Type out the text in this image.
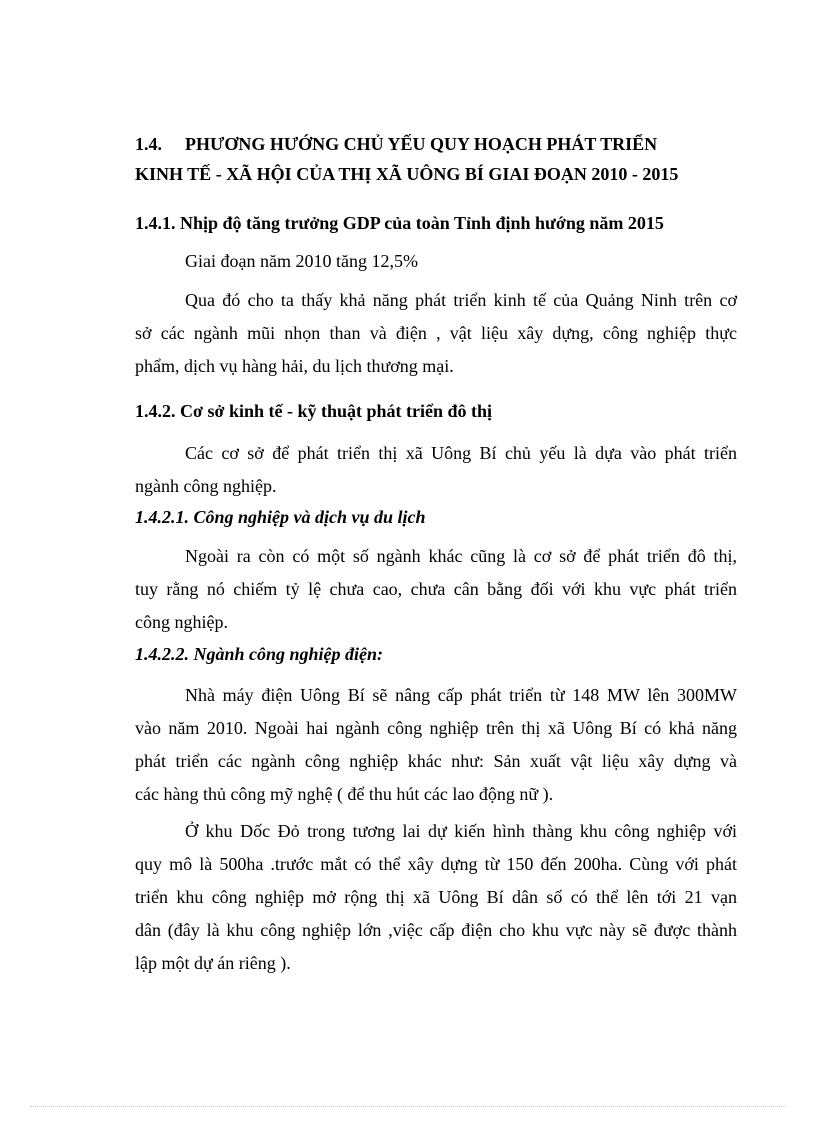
1.4. PHƯƠNG HƯỚNG CHỦ YẾU QUY HOẠCH PHÁT TRIỂN
KINH TẾ - XÃ HỘI CỦA THỊ XÃ UÔNG BÍ GIAI ĐOẠN 2010 - 2015
1.4.1. Nhịp độ tăng trưởng GDP của toàn Tỉnh định hướng năm 2015
Giai đoạn năm 2010 tăng 12,5%
Qua đó cho ta thấy khả năng phát triển kinh tế của Quảng Ninh trên cơ
sở các ngành mũi nhọn than và điện , vật liệu xây dựng, công nghiệp thực
phẩm, dịch vụ hàng hải, du lịch thương mại.
1.4.2. Cơ sở kinh tế - kỹ thuật phát triển đô thị
Các cơ sở để phát triển thị xã Uông Bí chủ yếu là dựa vào phát triển
ngành công nghiệp.
1.4.2.1. Công nghiệp và dịch vụ du lịch
Ngoài ra còn có một số ngành khác cũng là cơ sở để phát triển đô thị,
tuy rằng nó chiếm tỷ lệ chưa cao, chưa cân bằng đối với khu vực phát triển
công nghiệp.
1.4.2.2. Ngành công nghiệp điện:
Nhà máy điện Uông Bí sẽ nâng cấp phát triển từ 148 MW lên 300MW
vào năm 2010. Ngoài hai ngành công nghiệp trên thị xã Uông Bí có khả năng
phát triển các ngành công nghiệp khác như: Sản xuất vật liệu xây dựng và
các hàng thủ công mỹ nghệ ( để thu hút các lao động nữ ).
Ở khu Dốc Đỏ trong tương lai dự kiến hình thàng khu công nghiệp với
quy mô là 500ha .trước mắt có thể xây dựng từ 150 đến 200ha. Cùng với phát
triển khu công nghiệp mở rộng thị xã Uông Bí dân số có thể lên tới 21 vạn
dân (đây là khu công nghiệp lớn ,việc cấp điện cho khu vực này sẽ được thành
lập một dự án riêng ).
